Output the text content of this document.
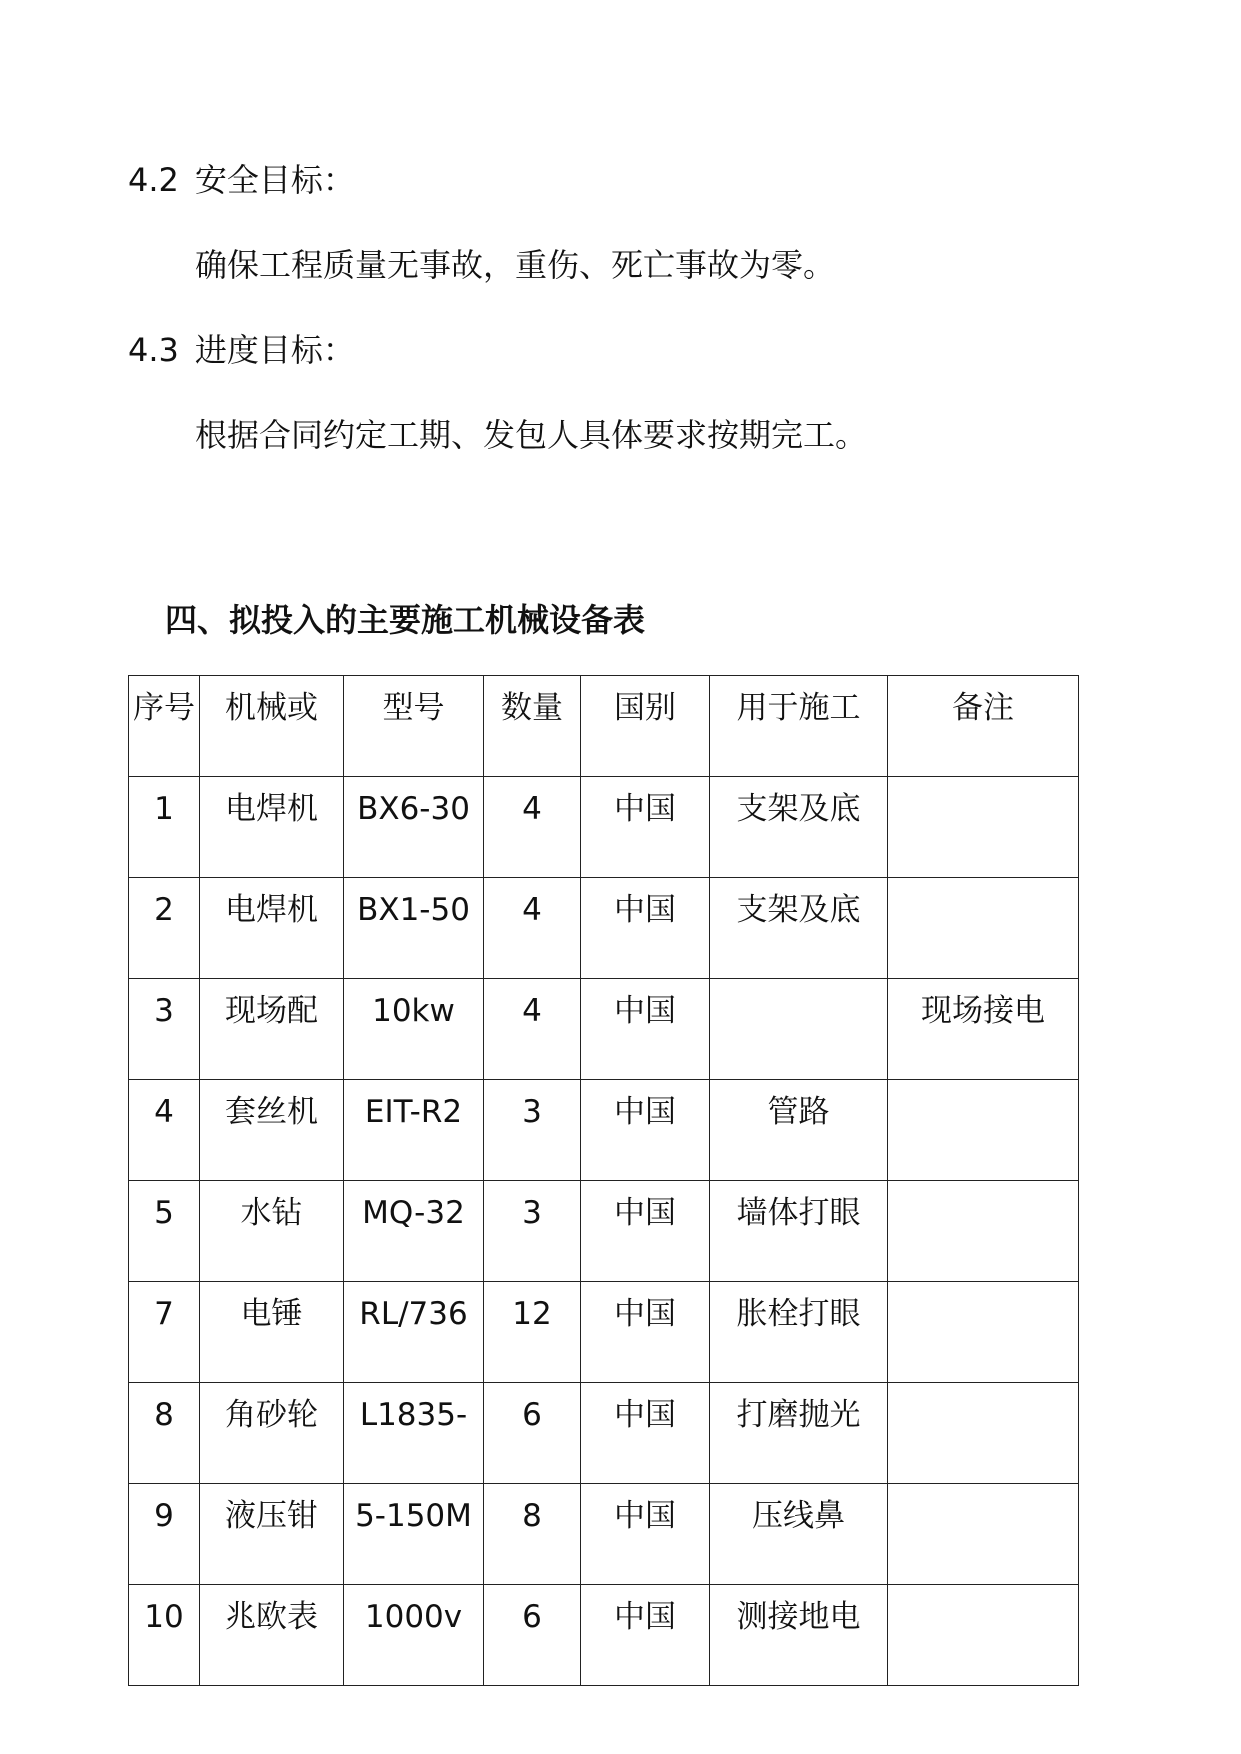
4.2 安全目标：
确保工程质量无事故，重伤、死亡事故为零。
4.3 进度目标：
根据合同约定工期、发包人具体要求按期完工。
四、拟投入的主要施工机械设备表
序号	机械或	型号	数量	国别	用于施工	备注
1	电焊机	BX6-30	4	中国	支架及底	
2	电焊机	BX1-50	4	中国	支架及底	
3	现场配	10kw	4	中国		现场接电
4	套丝机	EIT-R2	3	中国	管路	
5	水钻	MQ-32	3	中国	墙体打眼	
7	电锤	RL/736	12	中国	胀栓打眼	
8	角砂轮	L1835-	6	中国	打磨抛光	
9	液压钳	5-150M	8	中国	压线鼻	
10	兆欧表	1000v	6	中国	测接地电	
